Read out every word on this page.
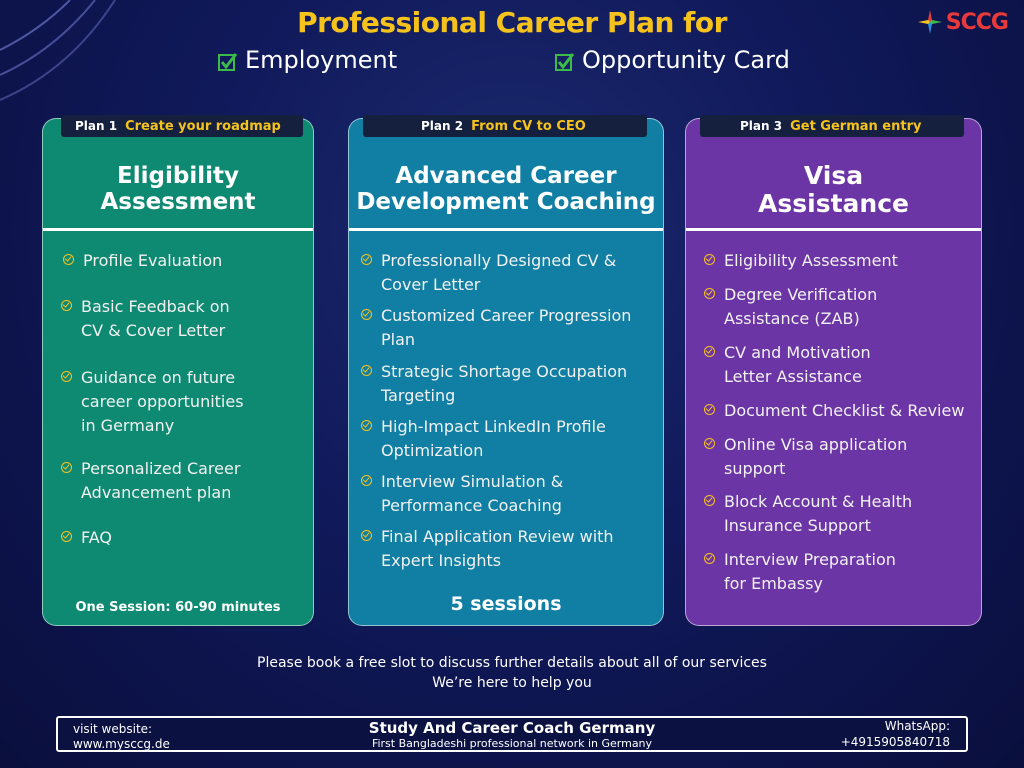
Professional Career Plan for
Employment	Opportunity Card
SCCG
Plan 1 Create your roadmap
Eligibility
Assessment
Profile Evaluation
Basic Feedback on
CV & Cover Letter
Guidance on future
career opportunities
in Germany
Personalized Career
Advancement plan
FAQ
One Session: 60-90 minutes
Plan 2 From CV to CEO
Advanced Career
Development Coaching
Professionally Designed CV &
Cover Letter
Customized Career Progression
Plan
Strategic Shortage Occupation
Targeting
High-Impact LinkedIn Profile
Optimization
Interview Simulation &
Performance Coaching
Final Application Review with
Expert Insights
5 sessions
Plan 3 Get German entry
Visa
Assistance
Eligibility Assessment
Degree Verification
Assistance (ZAB)
CV and Motivation
Letter Assistance
Document Checklist & Review
Online Visa application
support
Block Account & Health
Insurance Support
Interview Preparation
for Embassy
Please book a free slot to discuss further details about all of our services
We’re here to help you
visit website:
www.mysccg.de
Study And Career Coach Germany
First Bangladeshi professional network in Germany
WhatsApp:
+4915905840718
